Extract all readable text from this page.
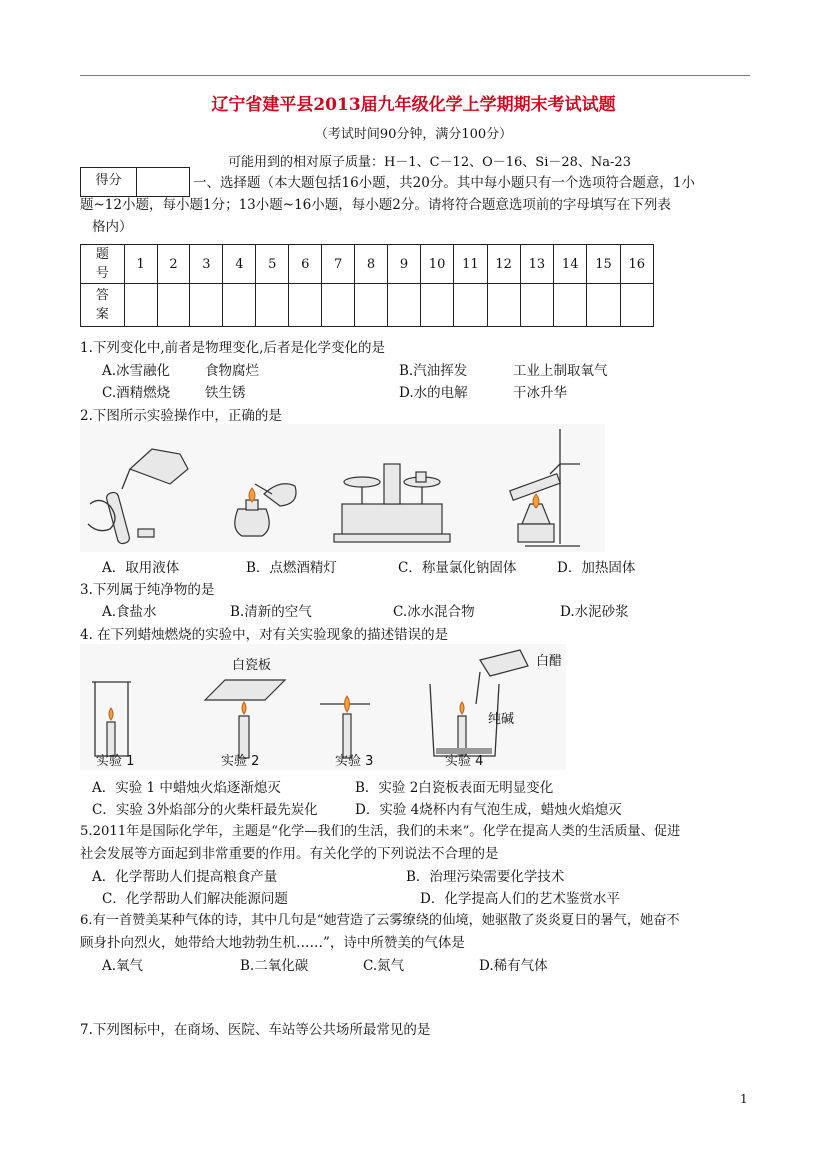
辽宁省建平县2013届九年级化学上学期期末考试试题
（考试时间90分钟，满分100分）
可能用到的相对原子质量：H－1、C－12、O－16、Si－28、Na-23
得分	一、选择题（本大题包括16小题，共20分。其中每小题只有一个选项符合题意，1小
题~12小题，每小题1分；13小题~16小题，每小题2分。请将符合题意选项前的字母填写在下列表
格内）
题
号	1	2	3	4	5	6	7	8	9	10	11	12	13	14	15	16
答
案																
1.下列变化中,前者是物理变化,后者是化学变化的是
A.冰雪融化	食物腐烂	B.汽油挥发	工业上制取氧气
C.酒精燃烧	铁生锈	D.水的电解	干冰升华
2.下图所示实验操作中，正确的是
A．取用液体	B．点燃酒精灯	C．称量氯化钠固体	D．加热固体
3.下列属于纯净物的是
A.食盐水	B.清新的空气	C.冰水混合物	D.水泥砂浆
4. 在下列蜡烛燃烧的实验中，对有关实验现象的描述错误的是
白瓷板	白醋
纯碱
实验 1	实验 2	实验 3	实验 4
A．实验 1 中蜡烛火焰逐渐熄灭	B．实验 2白瓷板表面无明显变化
C．实验 3外焰部分的火柴杆最先炭化	D．实验 4烧杯内有气泡生成，蜡烛火焰熄灭
5.2011年是国际化学年，主题是“化学—我们的生活，我们的未来”。化学在提高人类的生活质量、促进
社会发展等方面起到非常重要的作用。有关化学的下列说法不合理的是
A．化学帮助人们提高粮食产量	B．治理污染需要化学技术
C．化学帮助人们解决能源问题	D．化学提高人们的艺术鉴赏水平
6.有一首赞美某种气体的诗，其中几句是“她营造了云雾缭绕的仙境，她驱散了炎炎夏日的暑气，她奋不
顾身扑向烈火，她带给大地勃勃生机……”，诗中所赞美的气体是
A.氧气	B.二氧化碳	C.氮气	D.稀有气体
7.下列图标中，在商场、医院、车站等公共场所最常见的是
1
